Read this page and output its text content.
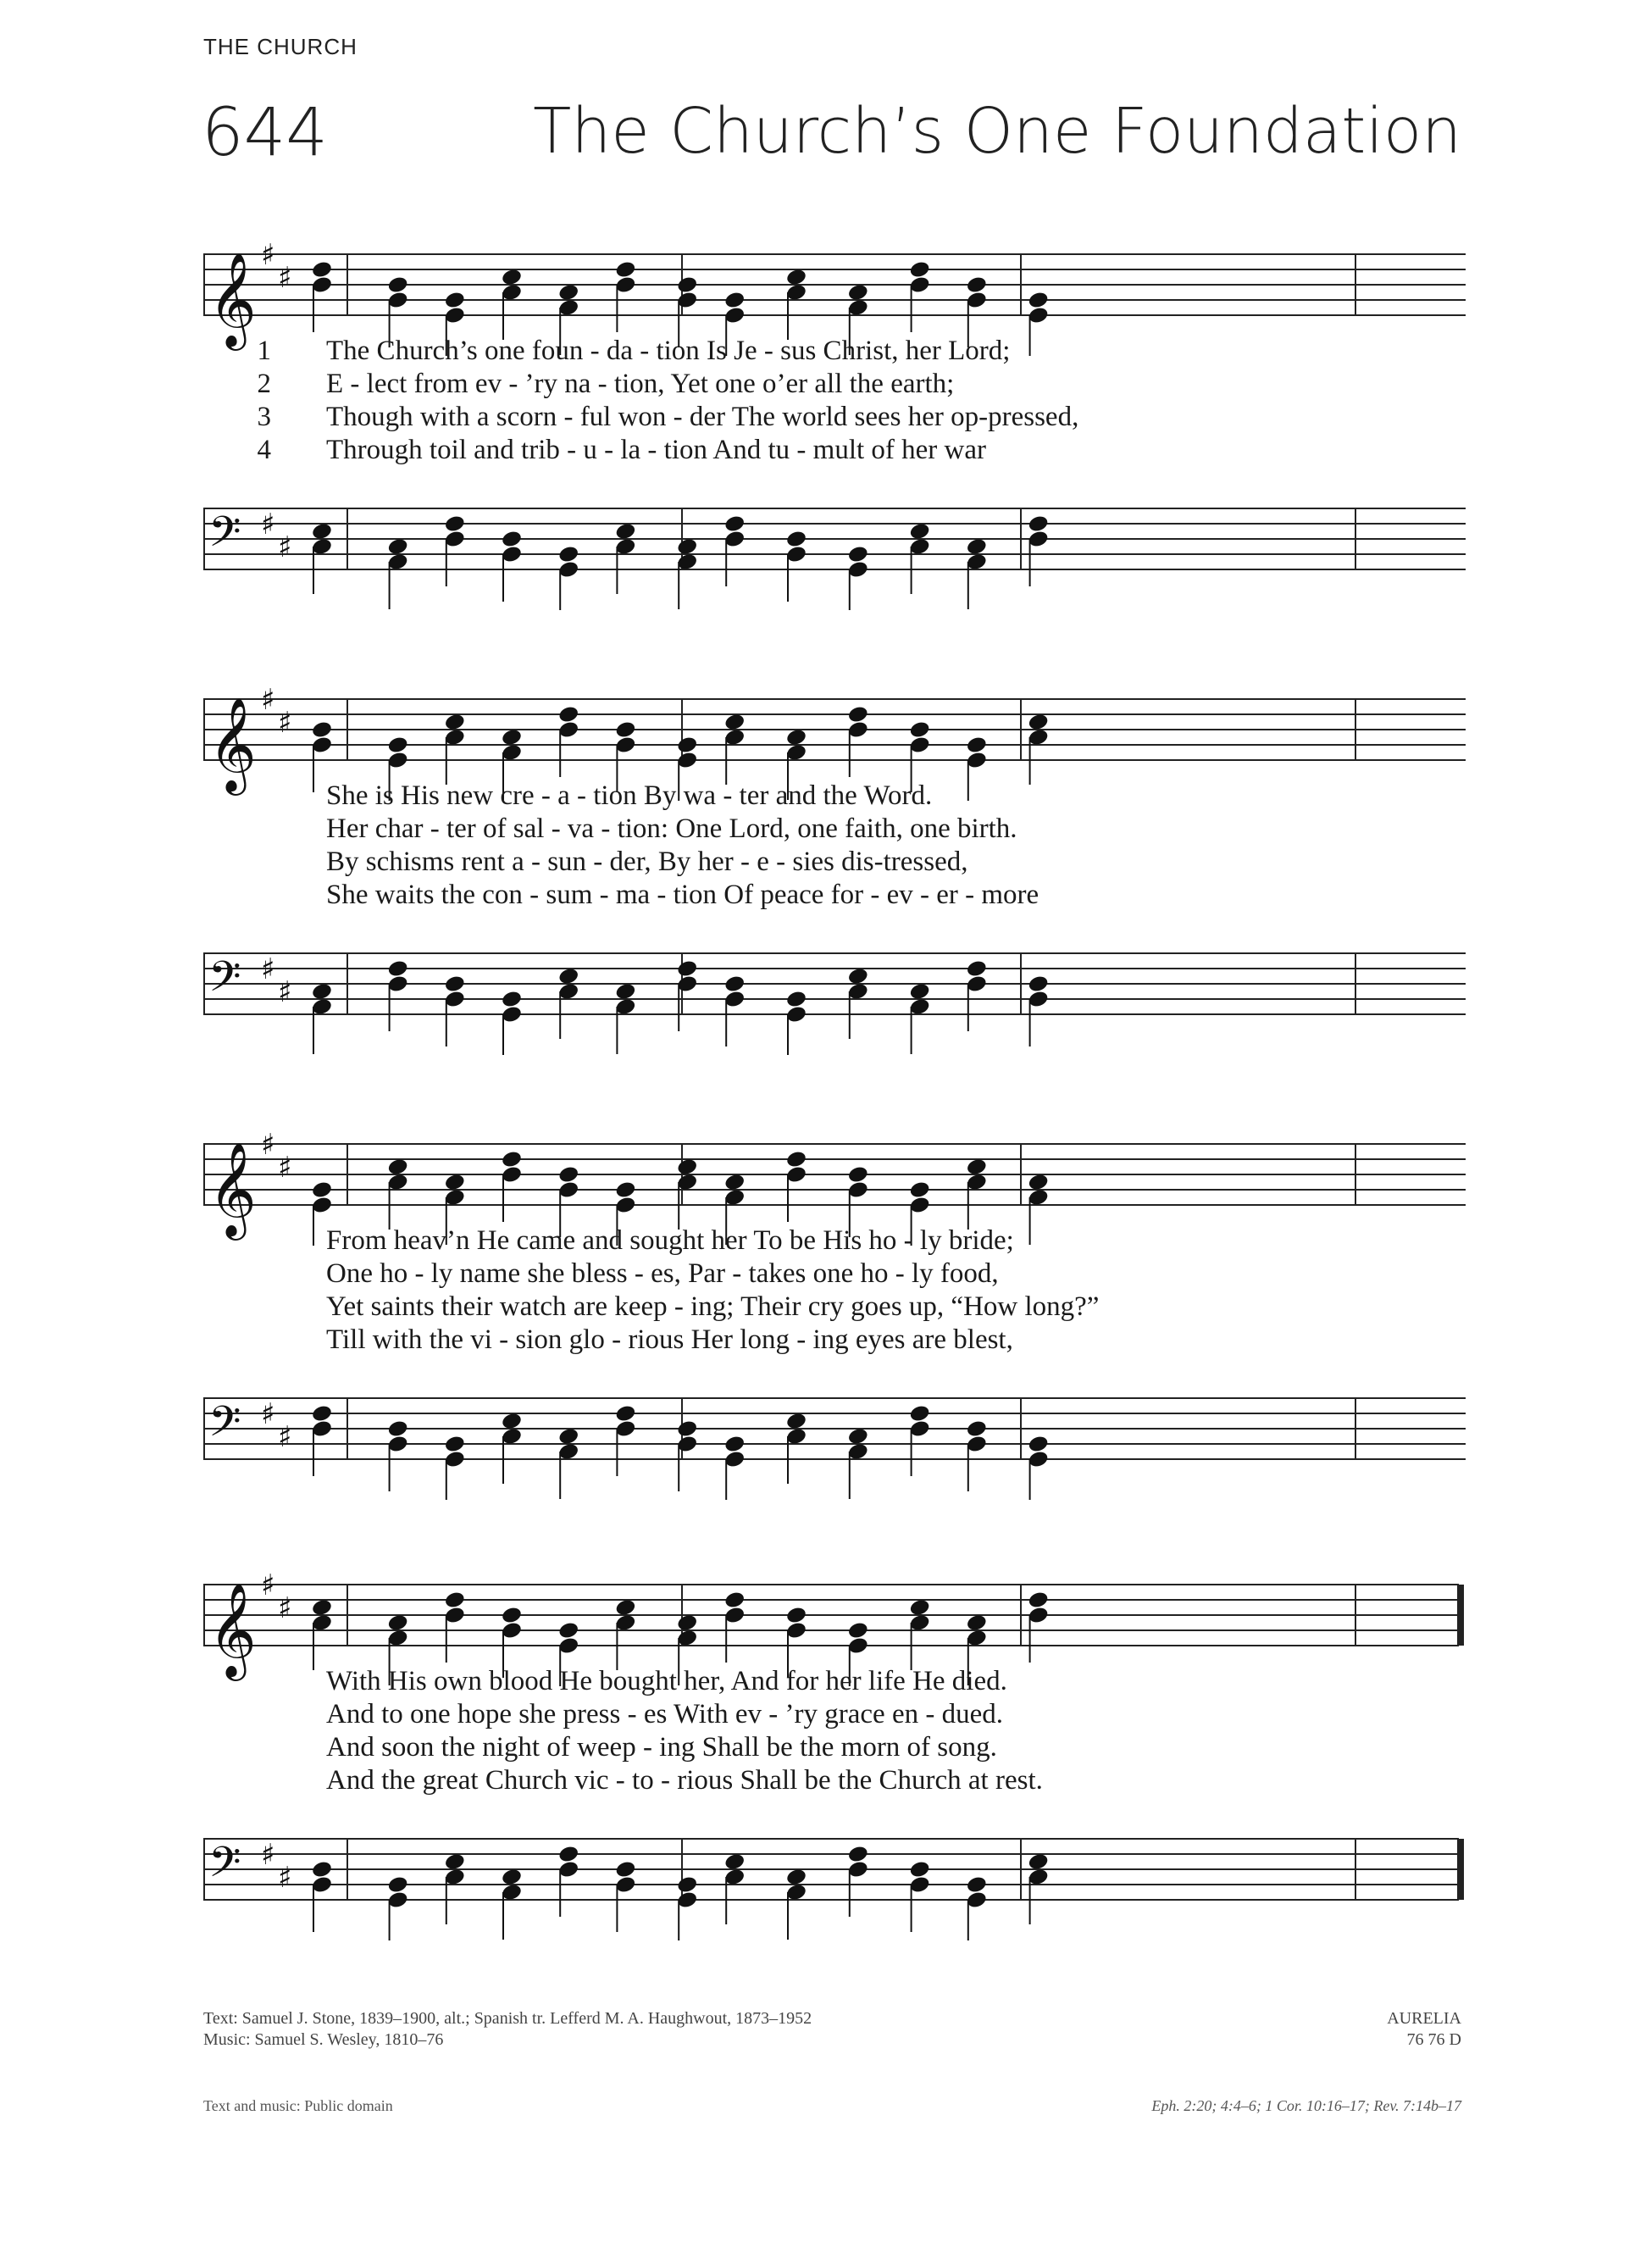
THE CHURCH
644	The Church’s One Foundation
𝄞 ♯
♯
1 The Church’s one foun - da - tion Is Je - sus Christ, her Lord;
2 E - lect from ev - ’ry na - tion, Yet one o’er all the earth;
3 Though with a scorn - ful won - der The world sees her op-pressed,
4 Through toil and trib - u - la - tion And tu - mult of her war
𝄢 ♯
♯
𝄞 ♯
♯
She is His new cre - a - tion By wa - ter and the Word.
Her char - ter of sal - va - tion: One Lord, one faith, one birth.
By schisms rent a - sun - der, By her - e - sies dis-tressed,
She waits the con - sum - ma - tion Of peace for - ev - er - more
𝄢 ♯
♯
𝄞 ♯
♯
From heav’n He came and sought her To be His ho - ly bride;
One ho - ly name she bless - es, Par - takes one ho - ly food,
Yet saints their watch are keep - ing; Their cry goes up, “How long?”
Till with the vi - sion glo - rious Her long - ing eyes are blest,
𝄢 ♯
♯
𝄞 ♯
♯
With His own blood He bought her, And for her life He died.
And to one hope she press - es With ev - ’ry grace en - dued.
And soon the night of weep - ing Shall be the morn of song.
And the great Church vic - to - rious Shall be the Church at rest.
𝄢 ♯
♯
Text: Samuel J. Stone, 1839–1900, alt.; Spanish tr. Lefferd M. A. Haughwout, 1873–1952
Music: Samuel S. Wesley, 1810–76
AURELIA
76 76 D
Text and music: Public domain	Eph. 2:20; 4:4–6; 1 Cor. 10:16–17; Rev. 7:14b–17
